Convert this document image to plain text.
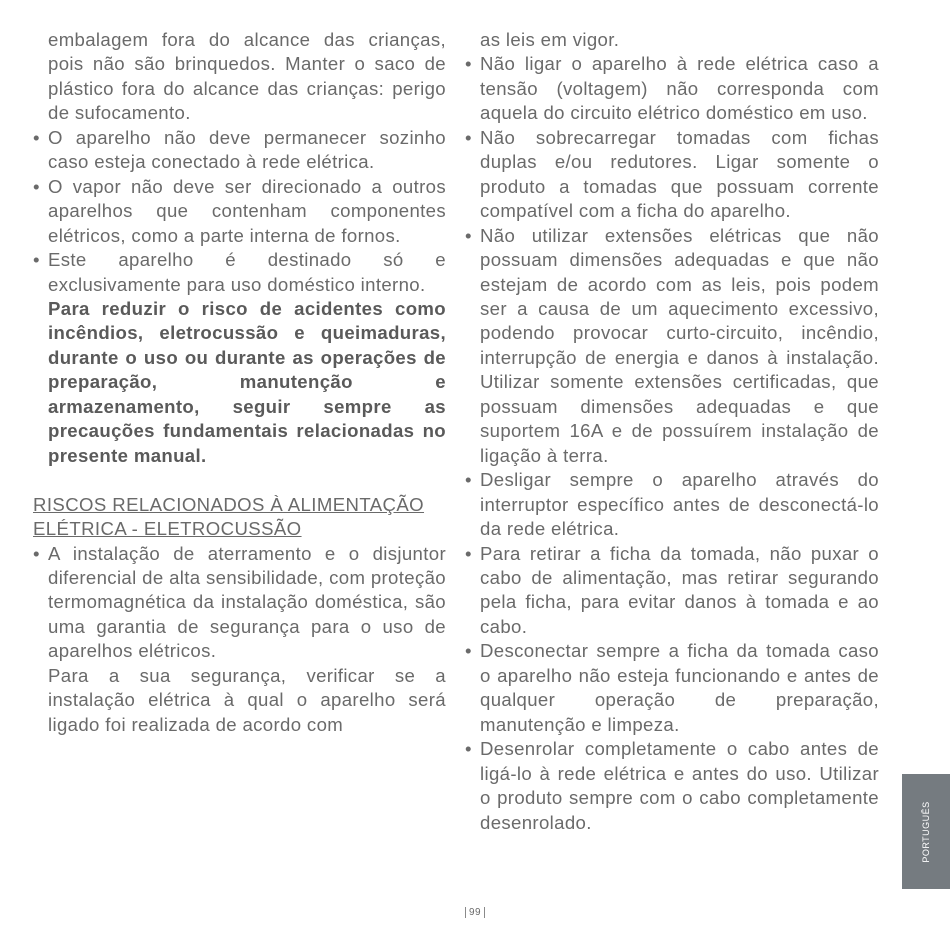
embalagem fora do alcance das crianças, pois não são brinquedos. Manter o saco de plástico fora do alcance das crianças: perigo de sufocamento.

• O aparelho não deve permanecer sozinho caso esteja conectado à rede elétrica.

• O vapor não deve ser direcionado a outros aparelhos que contenham componentes elétricos, como a parte interna de fornos.

• Este aparelho é destinado só e exclusivamente para uso doméstico interno.

Para reduzir o risco de acidentes como incêndios, eletrocussão e queimaduras, durante o uso ou durante as operações de preparação, manutenção e armazenamento, seguir sempre as precauções fundamentais relacionadas no presente manual.

RISCOS RELACIONADOS À ALIMENTAÇÃO ELÉTRICA - ELETROCUSSÃO

• A instalação de aterramento e o disjuntor diferencial de alta sensibilidade, com proteção termomagnética da instalação doméstica, são uma garantia de segurança para o uso de aparelhos elétricos.

Para a sua segurança, verificar se a instalação elétrica à qual o aparelho será ligado foi realizada de acordo com

as leis em vigor.

• Não ligar o aparelho à rede elétrica caso a tensão (voltagem) não corresponda com aquela do circuito elétrico doméstico em uso.

• Não sobrecarregar tomadas com fichas duplas e/ou redutores. Ligar somente o produto a tomadas que possuam corrente compatível com a ficha do aparelho.

• Não utilizar extensões elétricas que não possuam dimensões adequadas e que não estejam de acordo com as leis, pois podem ser a causa de um aquecimento excessivo, podendo provocar curto-circuito, incêndio, interrupção de energia e danos à instalação. Utilizar somente extensões certificadas, que possuam dimensões adequadas e que suportem 16A e de possuírem instalação de ligação à terra.

• Desligar sempre o aparelho através do interruptor específico antes de desconectá-lo da rede elétrica.

• Para retirar a ficha da tomada, não puxar o cabo de alimentação, mas retirar segurando pela ficha, para evitar danos à tomada e ao cabo.

• Desconectar sempre a ficha da tomada caso o aparelho não esteja funcionando e antes de qualquer operação de preparação, manutenção e limpeza.

• Desenrolar completamente o cabo antes de ligá-lo à rede elétrica e antes do uso. Utilizar o produto sempre com o cabo completamente desenrolado.	PORTUGUÊS
99
